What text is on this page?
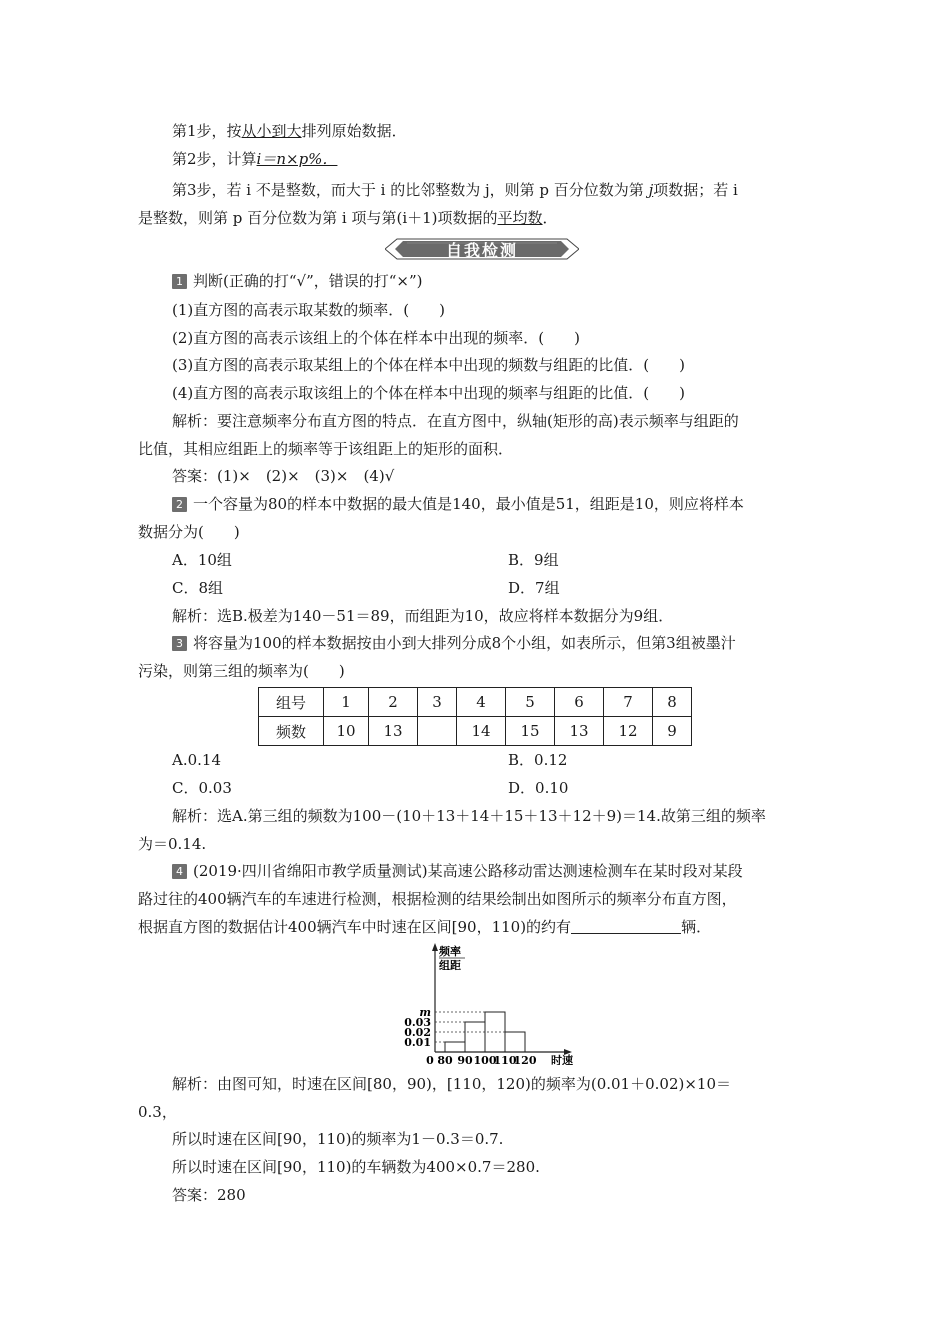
第1步，按从小到大排列原始数据．
第2步，计算i＝n×p%．
第3步，若 i 不是整数，而大于 i 的比邻整数为 j，则第 p 百分位数为第 j项数据；若 i
是整数，则第 p 百分位数为第 i 项与第(i＋1)项数据的平均数．
自我检测
1 判断(正确的打“√”，错误的打“×”)
(1)直方图的高表示取某数的频率．(　　)
(2)直方图的高表示该组上的个体在样本中出现的频率．(　　)
(3)直方图的高表示取某组上的个体在样本中出现的频数与组距的比值．(　　)
(4)直方图的高表示取该组上的个体在样本中出现的频率与组距的比值．(　　)
解析：要注意频率分布直方图的特点．在直方图中，纵轴(矩形的高)表示频率与组距的
比值，其相应组距上的频率等于该组距上的矩形的面积．
答案：(1)×　(2)×　(3)×　(4)√
2 一个容量为80的样本中数据的最大值是140，最小值是51，组距是10，则应将样本
数据分为(　　)
A．10组	B．9组
C．8组	D．7组
解析：选B.极差为140－51＝89，而组距为10，故应将样本数据分为9组．
3 将容量为100的样本数据按由小到大排列分成8个小组，如表所示，但第3组被墨汁
污染，则第三组的频率为(　　)
组号	1	2	3	4	5	6	7	8
频数	10	13		14	15	13	12	9
A.0.14	B．0.12
C．0.03	D．0.10
解析：选A.第三组的频数为100－(10＋13＋14＋15＋13＋12＋9)＝14.故第三组的频率
为＝0.14.
4 (2019·四川省绵阳市教学质量测试)某高速公路移动雷达测速检测车在某时段对某段
路过往的400辆汽车的车速进行检测，根据检测的结果绘制出如图所示的频率分布直方图，
根据直方图的数据估计400辆汽车中时速在区间[90，110)的约有	辆．
频率
组距
时速
0.01
0.02
0.03
m
0 80 90 100
110
120
解析：由图可知，时速在区间[80，90)，[110，120)的频率为(0.01＋0.02)×10＝
0.3，
所以时速在区间[90，110)的频率为1－0.3＝0.7.
所以时速在区间[90，110)的车辆数为400×0.7＝280.
答案：280
